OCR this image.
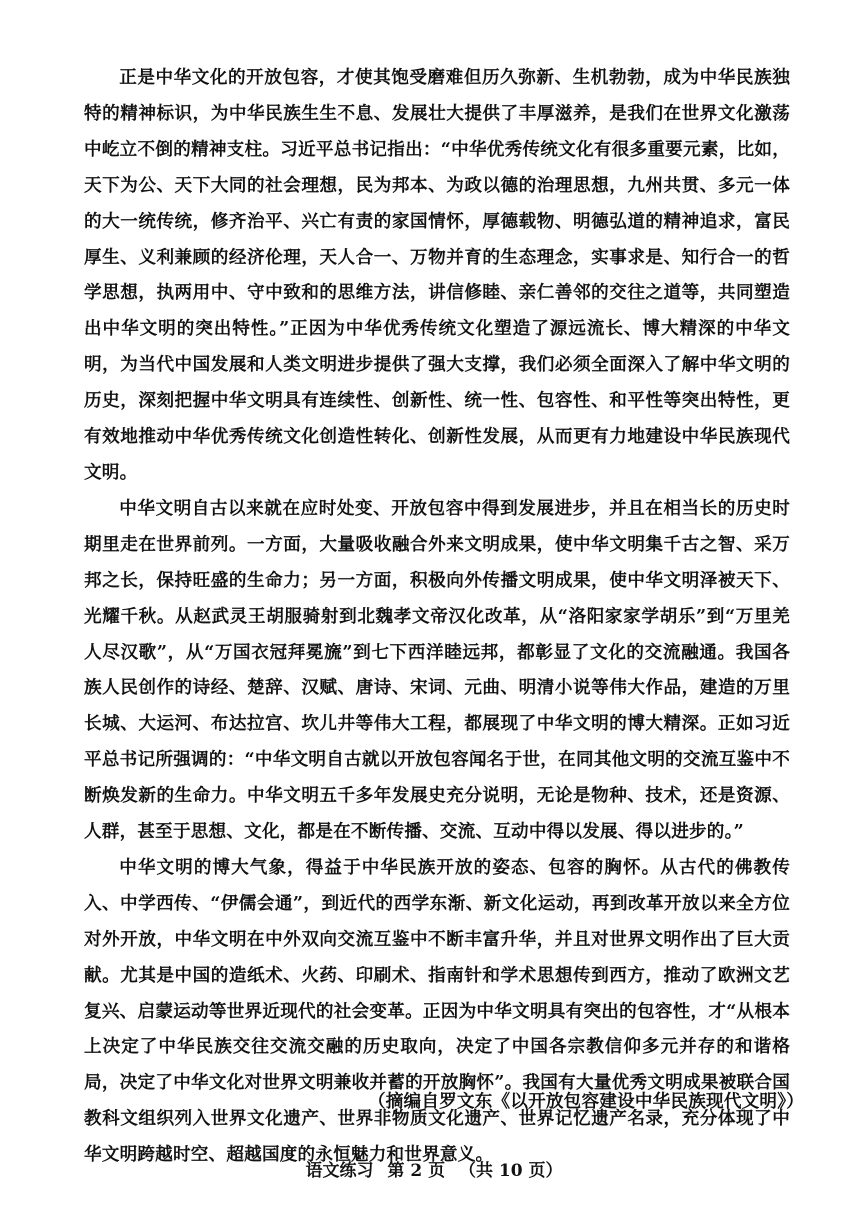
正是中华文化的开放包容，才使其饱受磨难但历久弥新、生机勃勃，成为中华民族独特的精神标识，为中华民族生生不息、发展壮大提供了丰厚滋养，是我们在世界文化激荡中屹立不倒的精神支柱。习近平总书记指出：“中华优秀传统文化有很多重要元素，比如，天下为公、天下大同的社会理想，民为邦本、为政以德的治理思想，九州共贯、多元一体的大一统传统，修齐治平、兴亡有责的家国情怀，厚德载物、明德弘道的精神追求，富民厚生、义利兼顾的经济伦理，天人合一、万物并育的生态理念，实事求是、知行合一的哲学思想，执两用中、守中致和的思维方法，讲信修睦、亲仁善邻的交往之道等，共同塑造出中华文明的突出特性。”正因为中华优秀传统文化塑造了源远流长、博大精深的中华文明，为当代中国发展和人类文明进步提供了强大支撑，我们必须全面深入了解中华文明的历史，深刻把握中华文明具有连续性、创新性、统一性、包容性、和平性等突出特性，更有效地推动中华优秀传统文化创造性转化、创新性发展，从而更有力地建设中华民族现代文明。

中华文明自古以来就在应时处变、开放包容中得到发展进步，并且在相当长的历史时期里走在世界前列。一方面，大量吸收融合外来文明成果，使中华文明集千古之智、采万邦之长，保持旺盛的生命力；另一方面，积极向外传播文明成果，使中华文明泽被天下、光耀千秋。从赵武灵王胡服骑射到北魏孝文帝汉化改革，从“洛阳家家学胡乐”到“万里羌人尽汉歌”，从“万国衣冠拜冕旒”到七下西洋睦远邦，都彰显了文化的交流融通。我国各族人民创作的诗经、楚辞、汉赋、唐诗、宋词、元曲、明清小说等伟大作品，建造的万里长城、大运河、布达拉宫、坎儿井等伟大工程，都展现了中华文明的博大精深。正如习近平总书记所强调的：“中华文明自古就以开放包容闻名于世，在同其他文明的交流互鉴中不断焕发新的生命力。中华文明五千多年发展史充分说明，无论是物种、技术，还是资源、人群，甚至于思想、文化，都是在不断传播、交流、互动中得以发展、得以进步的。”

中华文明的博大气象，得益于中华民族开放的姿态、包容的胸怀。从古代的佛教传入、中学西传、“伊儒会通”，到近代的西学东渐、新文化运动，再到改革开放以来全方位对外开放，中华文明在中外双向交流互鉴中不断丰富升华，并且对世界文明作出了巨大贡献。尤其是中国的造纸术、火药、印刷术、指南针和学术思想传到西方，推动了欧洲文艺复兴、启蒙运动等世界近现代的社会变革。正因为中华文明具有突出的包容性，才“从根本上决定了中华民族交往交流交融的历史取向，决定了中国各宗教信仰多元并存的和谐格局，决定了中华文化对世界文明兼收并蓄的开放胸怀”。我国有大量优秀文明成果被联合国教科文组织列入世界文化遗产、世界非物质文化遗产、世界记忆遗产名录，充分体现了中华文明跨越时空、超越国度的永恒魅力和世界意义。

（摘编自罗文东《以开放包容建设中华民族现代文明》）
语文练习 第 2 页 （共 10 页）
